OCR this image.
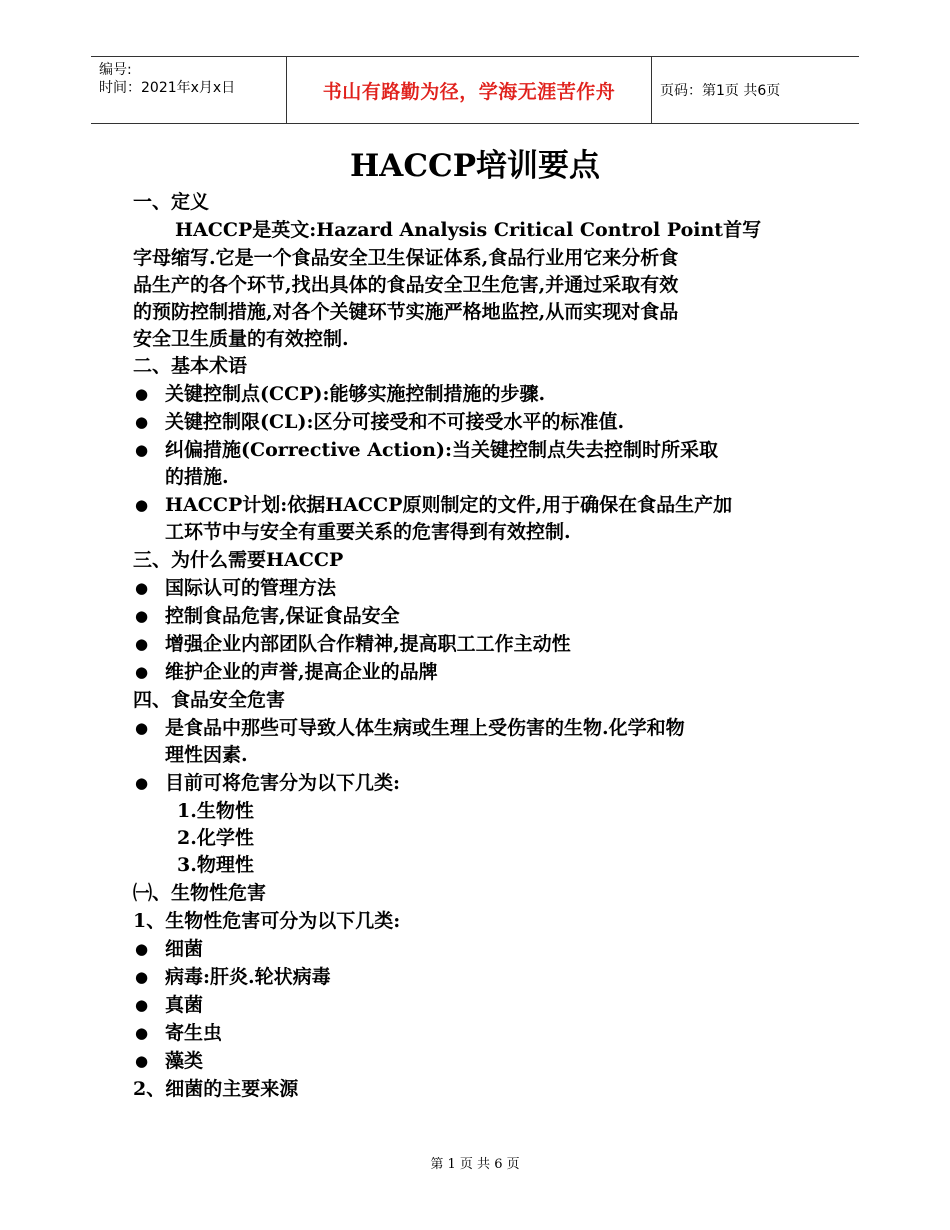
编号:
时间：2021年x月x日	书山有路勤为径，学海无涯苦作舟	页码：第1页 共6页
HACCP培训要点
一、定义
HACCP是英文:Hazard Analysis Critical Control Point首写
字母缩写.它是一个食品安全卫生保证体系,食品行业用它来分析食
品生产的各个环节,找出具体的食品安全卫生危害,并通过采取有效
的预防控制措施,对各个关键环节实施严格地监控,从而实现对食品
安全卫生质量的有效控制.
二、基本术语
● 关键控制点(CCP):能够实施控制措施的步骤.
● 关键控制限(CL):区分可接受和不可接受水平的标准值.
● 纠偏措施(Corrective Action):当关键控制点失去控制时所采取
的措施.
● HACCP计划:依据HACCP原则制定的文件,用于确保在食品生产加
工环节中与安全有重要关系的危害得到有效控制.
三、为什么需要HACCP
● 国际认可的管理方法
● 控制食品危害,保证食品安全
● 增强企业内部团队合作精神,提高职工工作主动性
● 维护企业的声誉,提高企业的品牌
四、食品安全危害
● 是食品中那些可导致人体生病或生理上受伤害的生物.化学和物
理性因素.
● 目前可将危害分为以下几类:
1.生物性
2.化学性
3.物理性
㈠、生物性危害
1、生物性危害可分为以下几类:
● 细菌
● 病毒:肝炎.轮状病毒
● 真菌
● 寄生虫
● 藻类
2、细菌的主要来源
第 1 页 共 6 页
